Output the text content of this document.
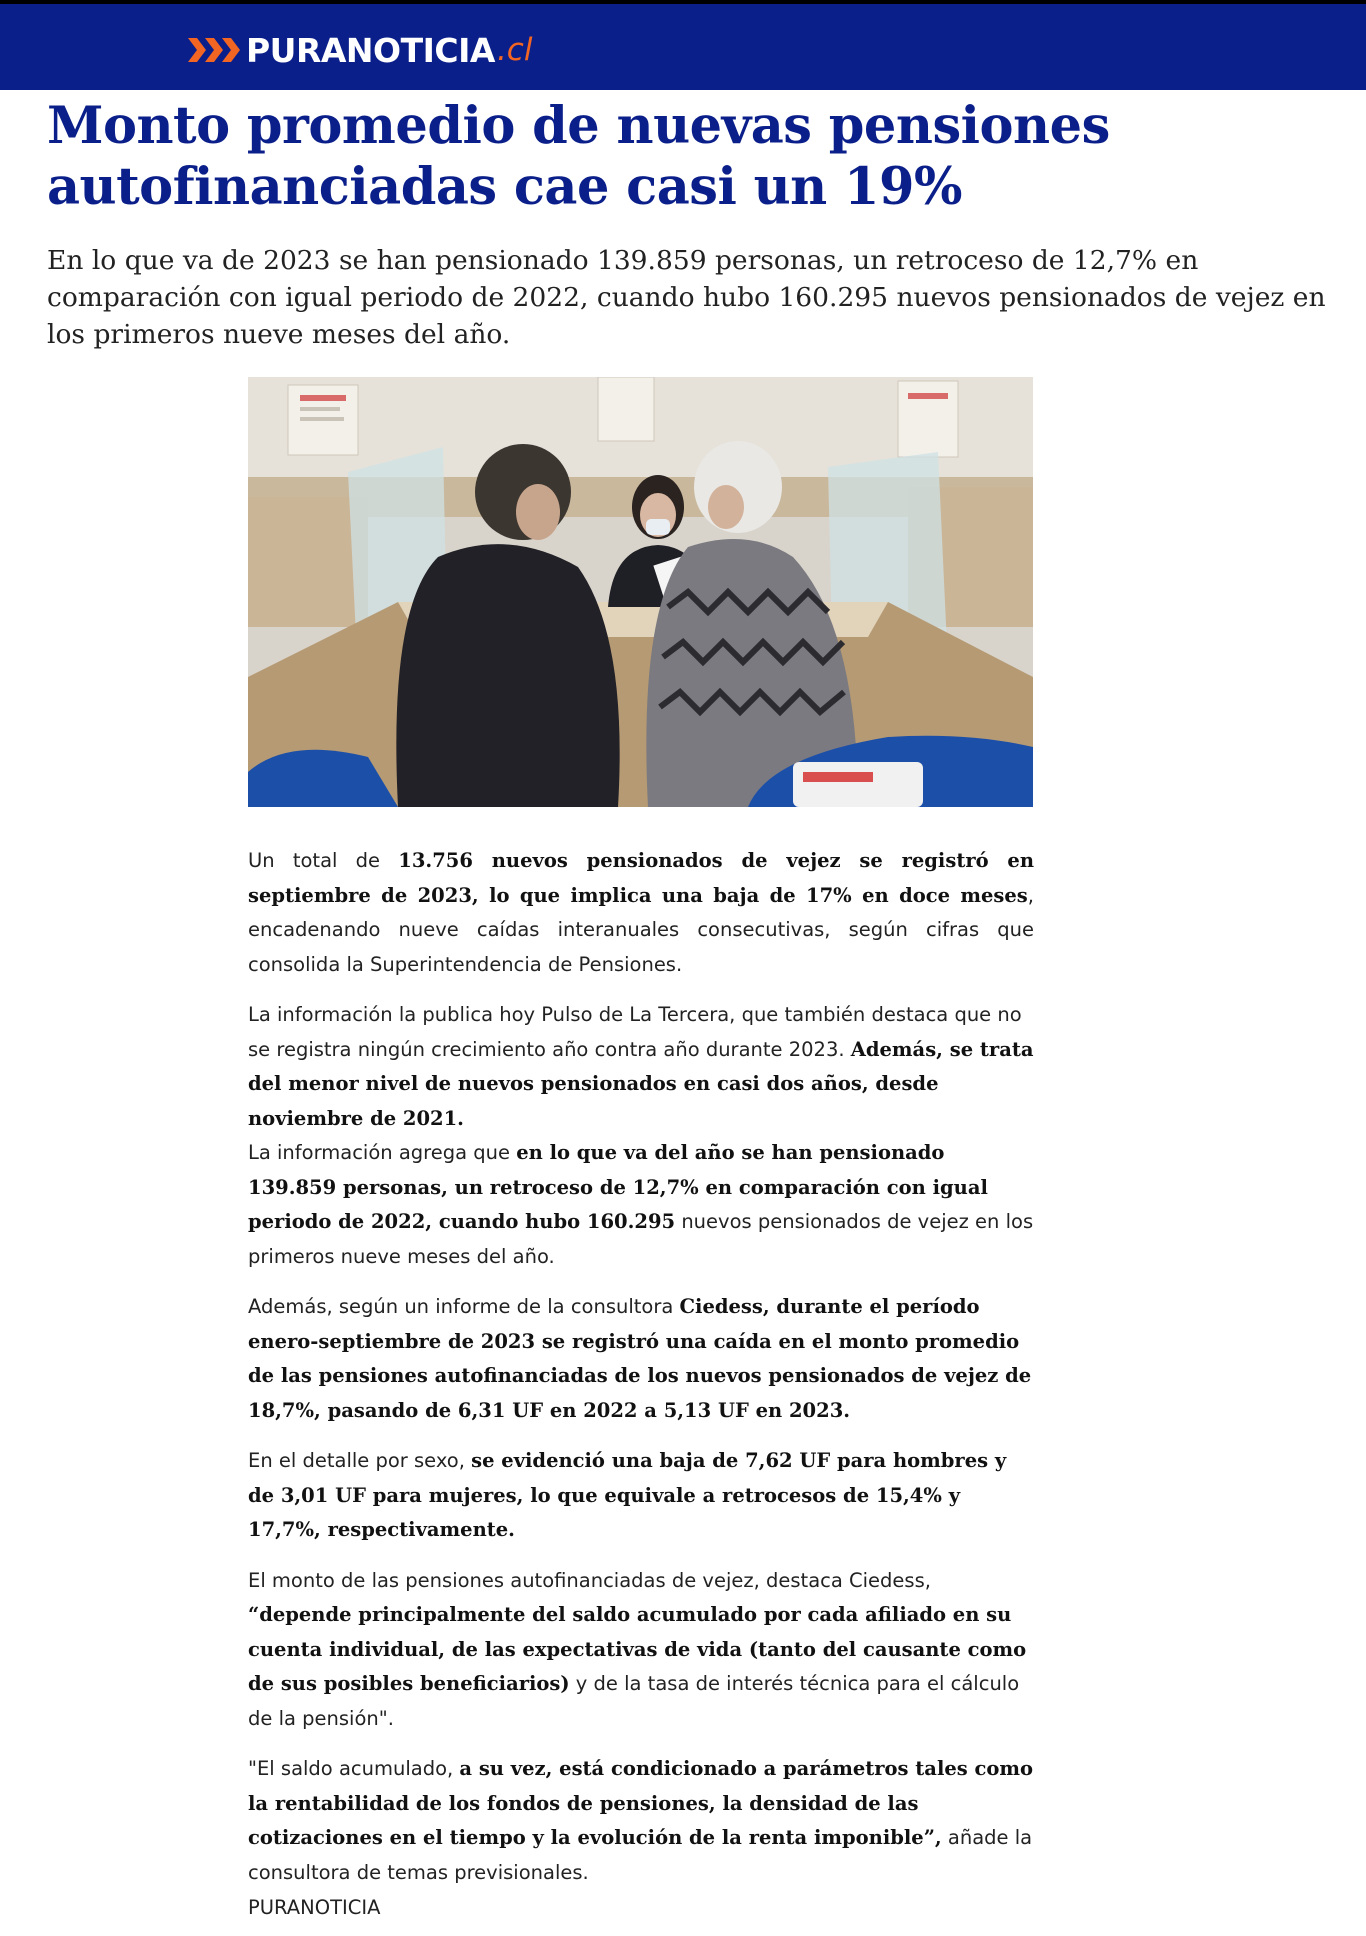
PURANOTICIA .cl
Monto promedio de nuevas pensiones autofinanciadas cae casi un 19%

En lo que va de 2023 se han pensionado 139.859 personas, un retroceso de 12,7% en comparación con igual periodo de 2022, cuando hubo 160.295 nuevos pensionados de vejez en los primeros nueve meses del año.

Un total de 13.756 nuevos pensionados de vejez se registró en septiembre de 2023, lo que implica una baja de 17% en doce meses, encadenando nueve caídas interanuales consecutivas, según cifras que consolida la Superintendencia de Pensiones.

La información la publica hoy Pulso de La Tercera, que también destaca que no se registra ningún crecimiento año contra año durante 2023. Además, se trata del menor nivel de nuevos pensionados en casi dos años, desde noviembre de 2021.

La información agrega que en lo que va del año se han pensionado 139.859 personas, un retroceso de 12,7% en comparación con igual periodo de 2022, cuando hubo 160.295 nuevos pensionados de vejez en los primeros nueve meses del año.

Además, según un informe de la consultora Ciedess, durante el período enero-septiembre de 2023 se registró una caída en el monto promedio de las pensiones autofinanciadas de los nuevos pensionados de vejez de 18,7%, pasando de 6,31 UF en 2022 a 5,13 UF en 2023.

En el detalle por sexo, se evidenció una baja de 7,62 UF para hombres y de 3,01 UF para mujeres, lo que equivale a retrocesos de 15,4% y 17,7%, respectivamente.

El monto de las pensiones autofinanciadas de vejez, destaca Ciedess, “depende principalmente del saldo acumulado por cada afiliado en su cuenta individual, de las expectativas de vida (tanto del causante como de sus posibles beneficiarios) y de la tasa de interés técnica para el cálculo de la pensión".

"El saldo acumulado, a su vez, está condicionado a parámetros tales como la rentabilidad de los fondos de pensiones, la densidad de las cotizaciones en el tiempo y la evolución de la renta imponible”, añade la consultora de temas previsionales.

PURANOTICIA
